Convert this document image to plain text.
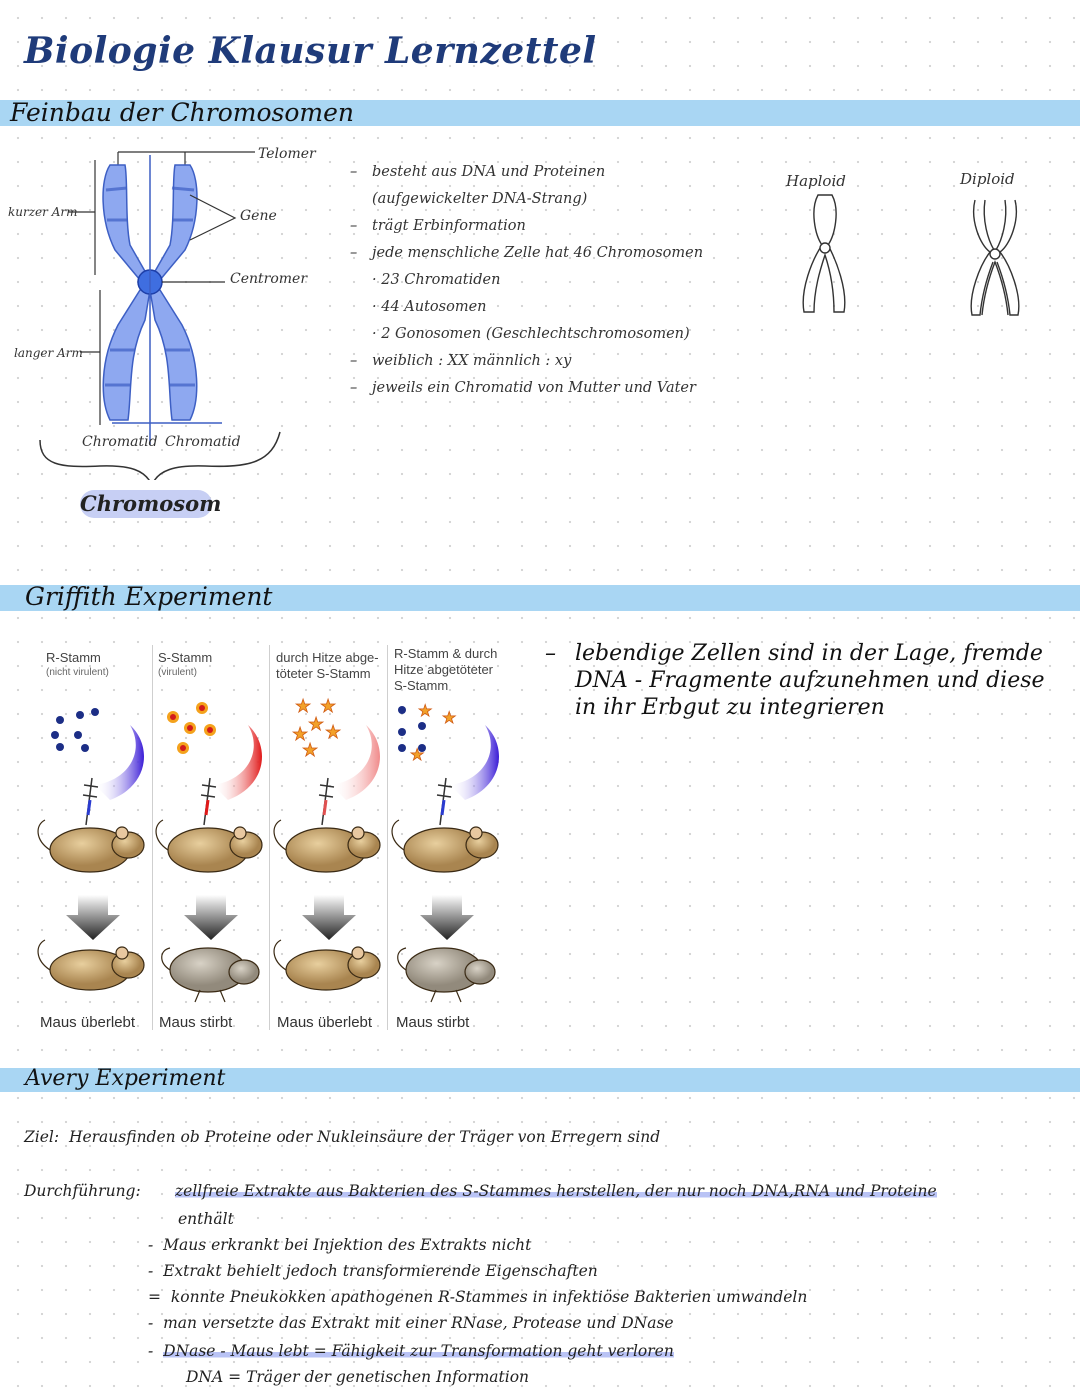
Biologie Klausur Lernzettel
Feinbau der Chromosomen
Telomer
Gene
Centromer
kurzer Arm
langer Arm
Chromatid Chromatid
Chromosom
– besteht aus DNA und Proteinen
(aufgewickelter DNA-Strang)
– trägt Erbinformation
– jede menschliche Zelle hat 46 Chromosomen
· 23 Chromatiden
· 44 Autosomen
· 2 Gonosomen (Geschlechtschromosomen)
– weiblich : XX männlich : xy
– jeweils ein Chromatid von Mutter und Vater
Haploid	Diploid
Griffith Experiment
R-Stamm
(nicht virulent)
S-Stamm
(virulent)
durch Hitze abge-
töteter S-Stamm
R-Stamm & durch
Hitze abgetöteter
S-Stamm
★ ★
★
★ ★
★
★ ★
★
Maus überlebt Maus stirbt	Maus überlebt Maus stirbt
– lebendige Zellen sind in der Lage, fremde DNA - Fragmente aufzunehmen und diese in ihr Erbgut zu integrieren
Avery Experiment
Ziel: Herausfinden ob Proteine oder Nukleinsäure der Träger von Erregern sind
Durchführung: zellfreie Extrakte aus Bakterien des S-Stammes herstellen, der nur noch DNA,RNA und Proteine
enthält
-  Maus erkrankt bei Injektion des Extrakts nicht
-  Extrakt behielt jedoch transformierende Eigenschaften
=  konnte Pneukokken apathogenen R-Stammes in infektiöse Bakterien umwandeln
-  man versetzte das Extrakt mit einer RNase, Protease und DNase
-  DNase - Maus lebt = Fähigkeit zur Transformation geht verloren
DNA = Träger der genetischen Information
